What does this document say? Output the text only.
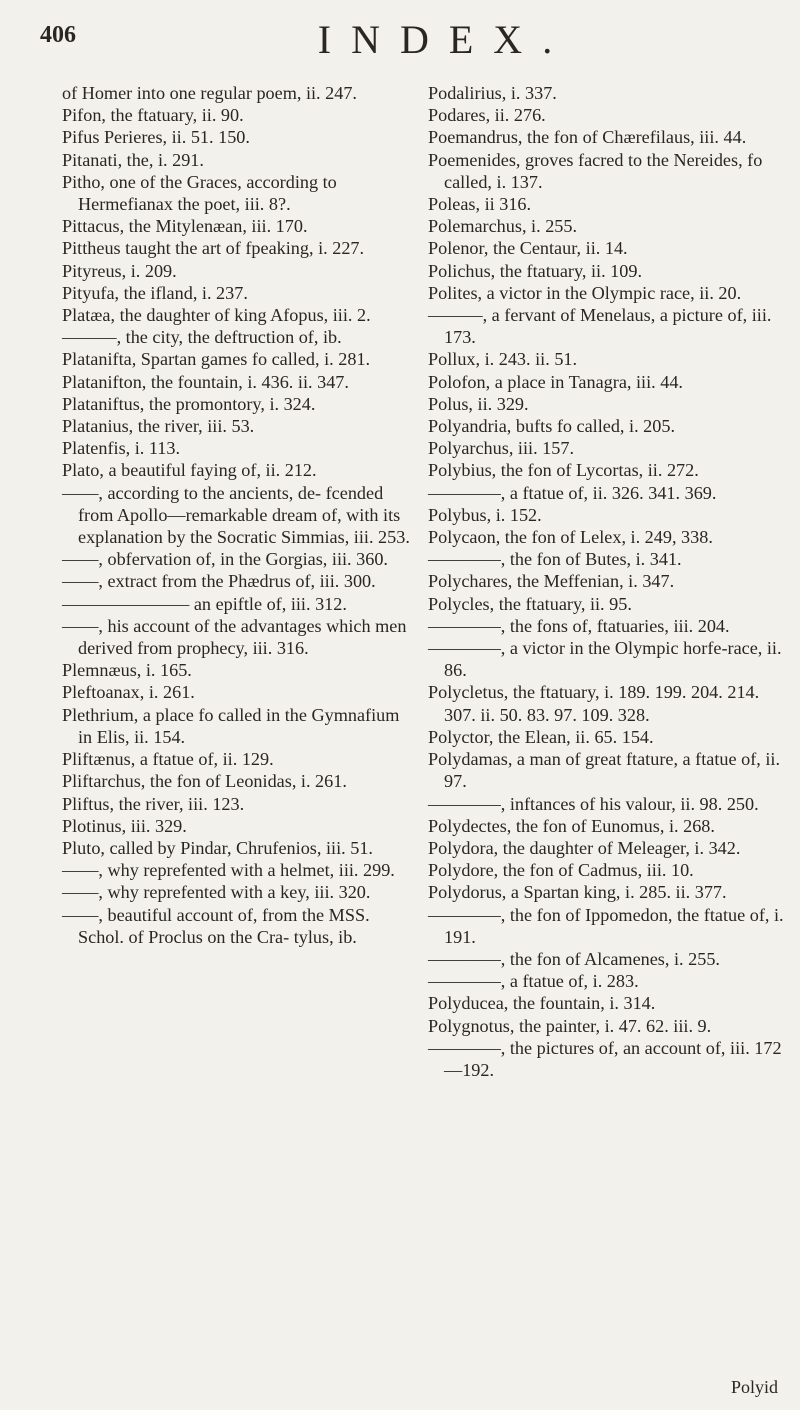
406	INDEX.

of Homer into one regular poem, ii. 247.

Pifon, the ftatuary, ii. 90.

Pifus Perieres, ii. 51. 150.

Pitanati, the, i. 291.

Pitho, one of the Graces, according to Hermefianax the poet, iii. 8?.

Pittacus, the Mitylenæan, iii. 170.

Pittheus taught the art of fpeaking, i. 227.

Pityreus, i. 209.

Pityufa, the ifland, i. 237.

Platæa, the daughter of king Afopus, iii. 2.

———, the city, the deftruction of, ib.

Platanifta, Spartan games fo called, i. 281.

Platanifton, the fountain, i. 436. ii. 347.

Plataniftus, the promontory, i. 324.

Platanius, the river, iii. 53.

Platenfis, i. 113.

Plato, a beautiful faying of, ii. 212.

——, according to the ancients, de- fcended from Apollo—remarkable dream of, with its explanation by the Socratic Simmias, iii. 253.

——, obfervation of, in the Gorgias, iii. 360.

——, extract from the Phædrus of, iii. 300.

——————— an epiftle of, iii. 312.

——, his account of the advantages which men derived from prophecy, iii. 316.

Plemnæus, i. 165.

Pleftoanax, i. 261.

Plethrium, a place fo called in the Gymnafium in Elis, ii. 154.

Pliftænus, a ftatue of, ii. 129.

Pliftarchus, the fon of Leonidas, i. 261.

Pliftus, the river, iii. 123.

Plotinus, iii. 329.

Pluto, called by Pindar, Chrufenios, iii. 51.

——, why reprefented with a helmet, iii. 299.

——, why reprefented with a key, iii. 320.

——, beautiful account of, from the MSS. Schol. of Proclus on the Cra- tylus, ib.

Podalirius, i. 337.

Podares, ii. 276.

Poemandrus, the fon of Chærefilaus, iii. 44.

Poemenides, groves facred to the Nereides, fo called, i. 137.

Poleas, ii 316.

Polemarchus, i. 255.

Polenor, the Centaur, ii. 14.

Polichus, the ftatuary, ii. 109.

Polites, a victor in the Olympic race, ii. 20.

———, a fervant of Menelaus, a picture of, iii. 173.

Pollux, i. 243. ii. 51.

Polofon, a place in Tanagra, iii. 44.

Polus, ii. 329.

Polyandria, bufts fo called, i. 205.

Polyarchus, iii. 157.

Polybius, the fon of Lycortas, ii. 272.

————, a ftatue of, ii. 326. 341. 369.

Polybus, i. 152.

Polycaon, the fon of Lelex, i. 249, 338.

————, the fon of Butes, i. 341.

Polychares, the Meffenian, i. 347.

Polycles, the ftatuary, ii. 95.

————, the fons of, ftatuaries, iii. 204.

————, a victor in the Olympic horfe-race, ii. 86.

Polycletus, the ftatuary, i. 189. 199. 204. 214. 307. ii. 50. 83. 97. 109. 328.

Polyctor, the Elean, ii. 65. 154.

Polydamas, a man of great ftature, a ftatue of, ii. 97.

————, inftances of his valour, ii. 98. 250.

Polydectes, the fon of Eunomus, i. 268.

Polydora, the daughter of Meleager, i. 342.

Polydore, the fon of Cadmus, iii. 10.

Polydorus, a Spartan king, i. 285. ii. 377.

————, the fon of Ippomedon, the ftatue of, i. 191.

————, the fon of Alcamenes, i. 255.

————, a ftatue of, i. 283.

Polyducea, the fountain, i. 314.

Polygnotus, the painter, i. 47. 62. iii. 9.

————, the pictures of, an account of, iii. 172—192.

Polyid
